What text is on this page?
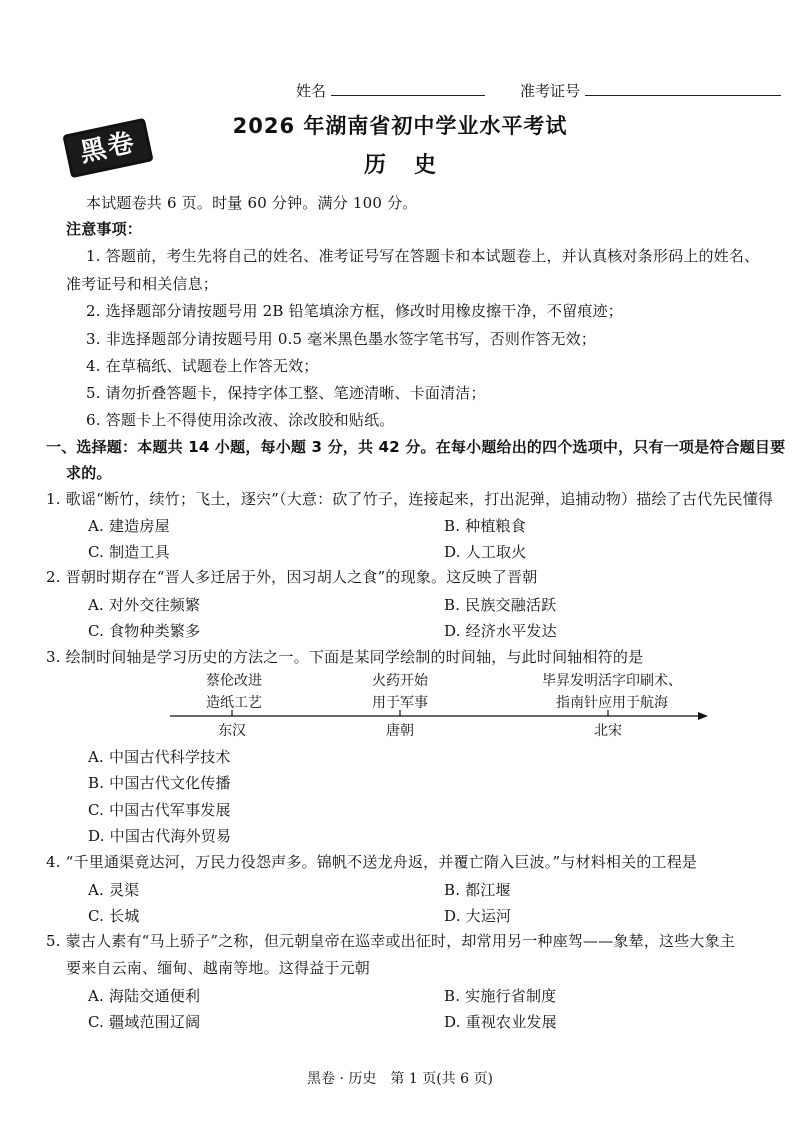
姓名	准考证号
黑卷
2026 年湖南省初中学业水平考试
历史
本试题卷共 6 页。时量 60 分钟。满分 100 分。
注意事项：
1. 答题前，考生先将自己的姓名、准考证号写在答题卡和本试题卷上，并认真核对条形码上的姓名、
准考证号和相关信息；
2. 选择题部分请按题号用 2B 铅笔填涂方框，修改时用橡皮擦干净，不留痕迹；
3. 非选择题部分请按题号用 0.5 毫米黑色墨水签字笔书写，否则作答无效；
4. 在草稿纸、试题卷上作答无效；
5. 请勿折叠答题卡，保持字体工整、笔迹清晰、卡面清洁；
6. 答题卡上不得使用涂改液、涂改胶和贴纸。
一、选择题：本题共 14 小题，每小题 3 分，共 42 分。在每小题给出的四个选项中，只有一项是符合题目要
求的。
1. 歌谣“断竹，续竹；飞土，逐宍”（大意：砍了竹子，连接起来，打出泥弹，追捕动物）描绘了古代先民懂得
A. 建造房屋	B. 种植粮食
C. 制造工具	D. 人工取火
2. 晋朝时期存在“晋人多迁居于外，因习胡人之食”的现象。这反映了晋朝
A. 对外交往频繁	B. 民族交融活跃
C. 食物种类繁多	D. 经济水平发达
3. 绘制时间轴是学习历史的方法之一。下面是某同学绘制的时间轴，与此时间轴相符的是
蔡伦改进
造纸工艺
火药开始
用于军事
毕昇发明活字印刷术、
指南针应用于航海
东汉	唐朝	北宋
A. 中国古代科学技术
B. 中国古代文化传播
C. 中国古代军事发展
D. 中国古代海外贸易
4. “千里通渠竟达河，万民力役怨声多。锦帆不送龙舟返，并覆亡隋入巨波。”与材料相关的工程是
A. 灵渠	B. 都江堰
C. 长城	D. 大运河
5. 蒙古人素有“马上骄子”之称，但元朝皇帝在巡幸或出征时，却常用另一种座驾——象辇，这些大象主
要来自云南、缅甸、越南等地。这得益于元朝
A. 海陆交通便利	B. 实施行省制度
C. 疆域范围辽阔	D. 重视农业发展
黑卷 · 历史　第 1 页(共 6 页)
